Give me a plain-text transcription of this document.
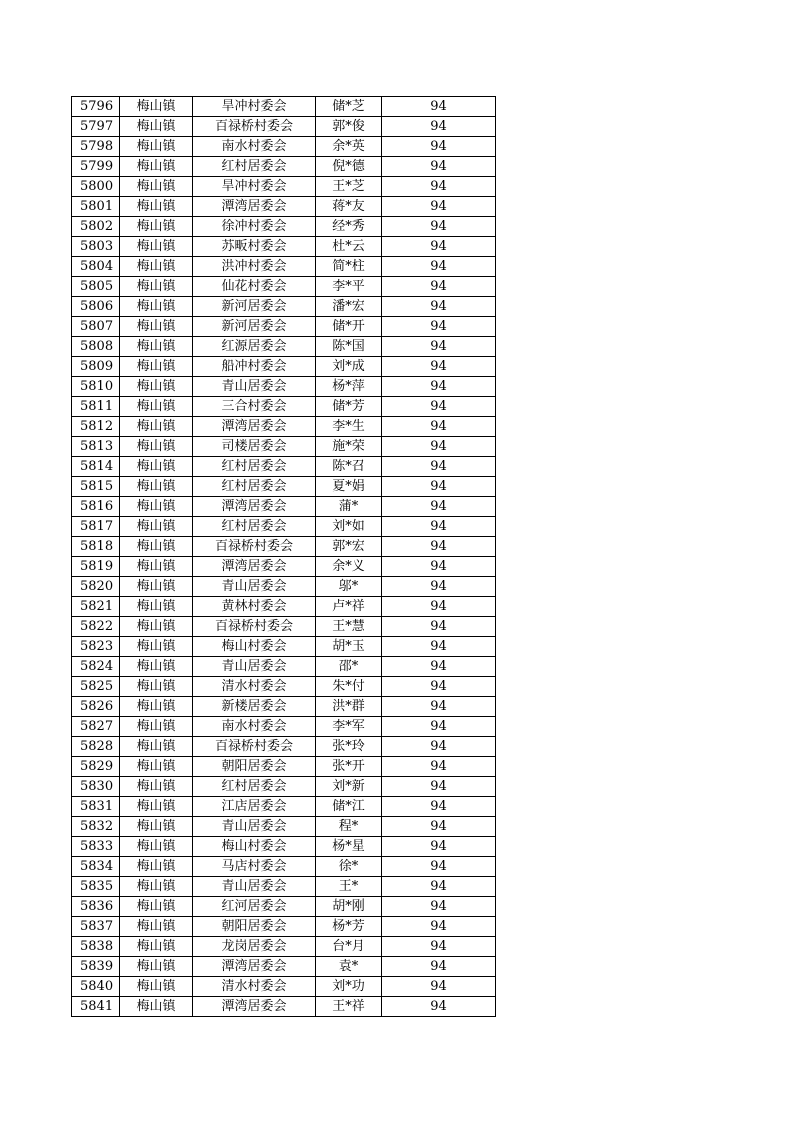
5796	梅山镇	旱冲村委会	储*芝	94
5797	梅山镇	百禄桥村委会	郭*俊	94
5798	梅山镇	南水村委会	余*英	94
5799	梅山镇	红村居委会	倪*德	94
5800	梅山镇	旱冲村委会	王*芝	94
5801	梅山镇	潭湾居委会	蒋*友	94
5802	梅山镇	徐冲村委会	经*秀	94
5803	梅山镇	苏畈村委会	杜*云	94
5804	梅山镇	洪冲村委会	简*柱	94
5805	梅山镇	仙花村委会	李*平	94
5806	梅山镇	新河居委会	潘*宏	94
5807	梅山镇	新河居委会	储*开	94
5808	梅山镇	红源居委会	陈*国	94
5809	梅山镇	船冲村委会	刘*成	94
5810	梅山镇	青山居委会	杨*萍	94
5811	梅山镇	三合村委会	储*芳	94
5812	梅山镇	潭湾居委会	李*生	94
5813	梅山镇	司楼居委会	施*荣	94
5814	梅山镇	红村居委会	陈*召	94
5815	梅山镇	红村居委会	夏*娟	94
5816	梅山镇	潭湾居委会	蒲*	94
5817	梅山镇	红村居委会	刘*如	94
5818	梅山镇	百禄桥村委会	郭*宏	94
5819	梅山镇	潭湾居委会	余*义	94
5820	梅山镇	青山居委会	邬*	94
5821	梅山镇	黄林村委会	卢*祥	94
5822	梅山镇	百禄桥村委会	王*慧	94
5823	梅山镇	梅山村委会	胡*玉	94
5824	梅山镇	青山居委会	邵*	94
5825	梅山镇	清水村委会	朱*付	94
5826	梅山镇	新楼居委会	洪*群	94
5827	梅山镇	南水村委会	李*军	94
5828	梅山镇	百禄桥村委会	张*玲	94
5829	梅山镇	朝阳居委会	张*开	94
5830	梅山镇	红村居委会	刘*新	94
5831	梅山镇	江店居委会	储*江	94
5832	梅山镇	青山居委会	程*	94
5833	梅山镇	梅山村委会	杨*星	94
5834	梅山镇	马店村委会	徐*	94
5835	梅山镇	青山居委会	王*	94
5836	梅山镇	红河居委会	胡*刚	94
5837	梅山镇	朝阳居委会	杨*芳	94
5838	梅山镇	龙岗居委会	台*月	94
5839	梅山镇	潭湾居委会	袁*	94
5840	梅山镇	清水村委会	刘*功	94
5841	梅山镇	潭湾居委会	王*祥	94
